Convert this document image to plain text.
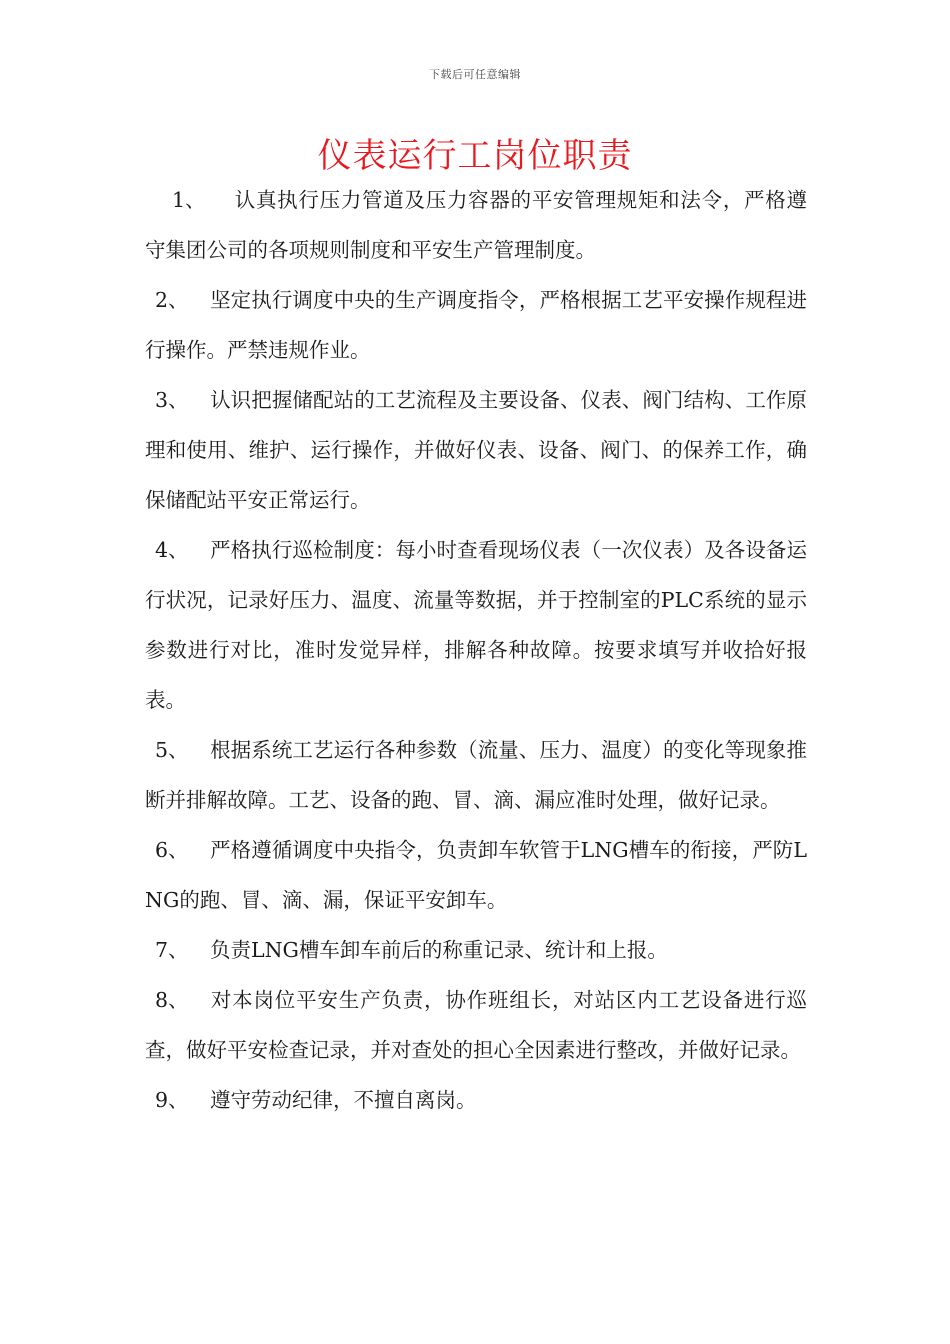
下载后可任意编辑
仪表运行工岗位职责

1、 认真执行压力管道及压力容器的平安管理规矩和法令，严格遵守集团公司的各项规则制度和平安生产管理制度。

2、 坚定执行调度中央的生产调度指令，严格根据工艺平安操作规程进行操作。严禁违规作业。

3、 认识把握储配站的工艺流程及主要设备、仪表、阀门结构、工作原理和使用、维护、运行操作，并做好仪表、设备、阀门、的保养工作，确保储配站平安正常运行。

4、 严格执行巡检制度：每小时查看现场仪表（一次仪表）及各设备运行状况，记录好压力、温度、流量等数据，并于控制室的PLC系统的显示参数进行对比，准时发觉异样，排解各种故障。按要求填写并收拾好报表。

5、 根据系统工艺运行各种参数（流量、压力、温度）的变化等现象推断并排解故障。工艺、设备的跑、冒、滴、漏应准时处理，做好记录。

6、 严格遵循调度中央指令，负责卸车软管于LNG槽车的衔接，严防LNG的跑、冒、滴、漏，保证平安卸车。

7、 负责LNG槽车卸车前后的称重记录、统计和上报。

8、 对本岗位平安生产负责，协作班组长，对站区内工艺设备进行巡查，做好平安检查记录，并对查处的担心全因素进行整改，并做好记录。

9、 遵守劳动纪律，不擅自离岗。
